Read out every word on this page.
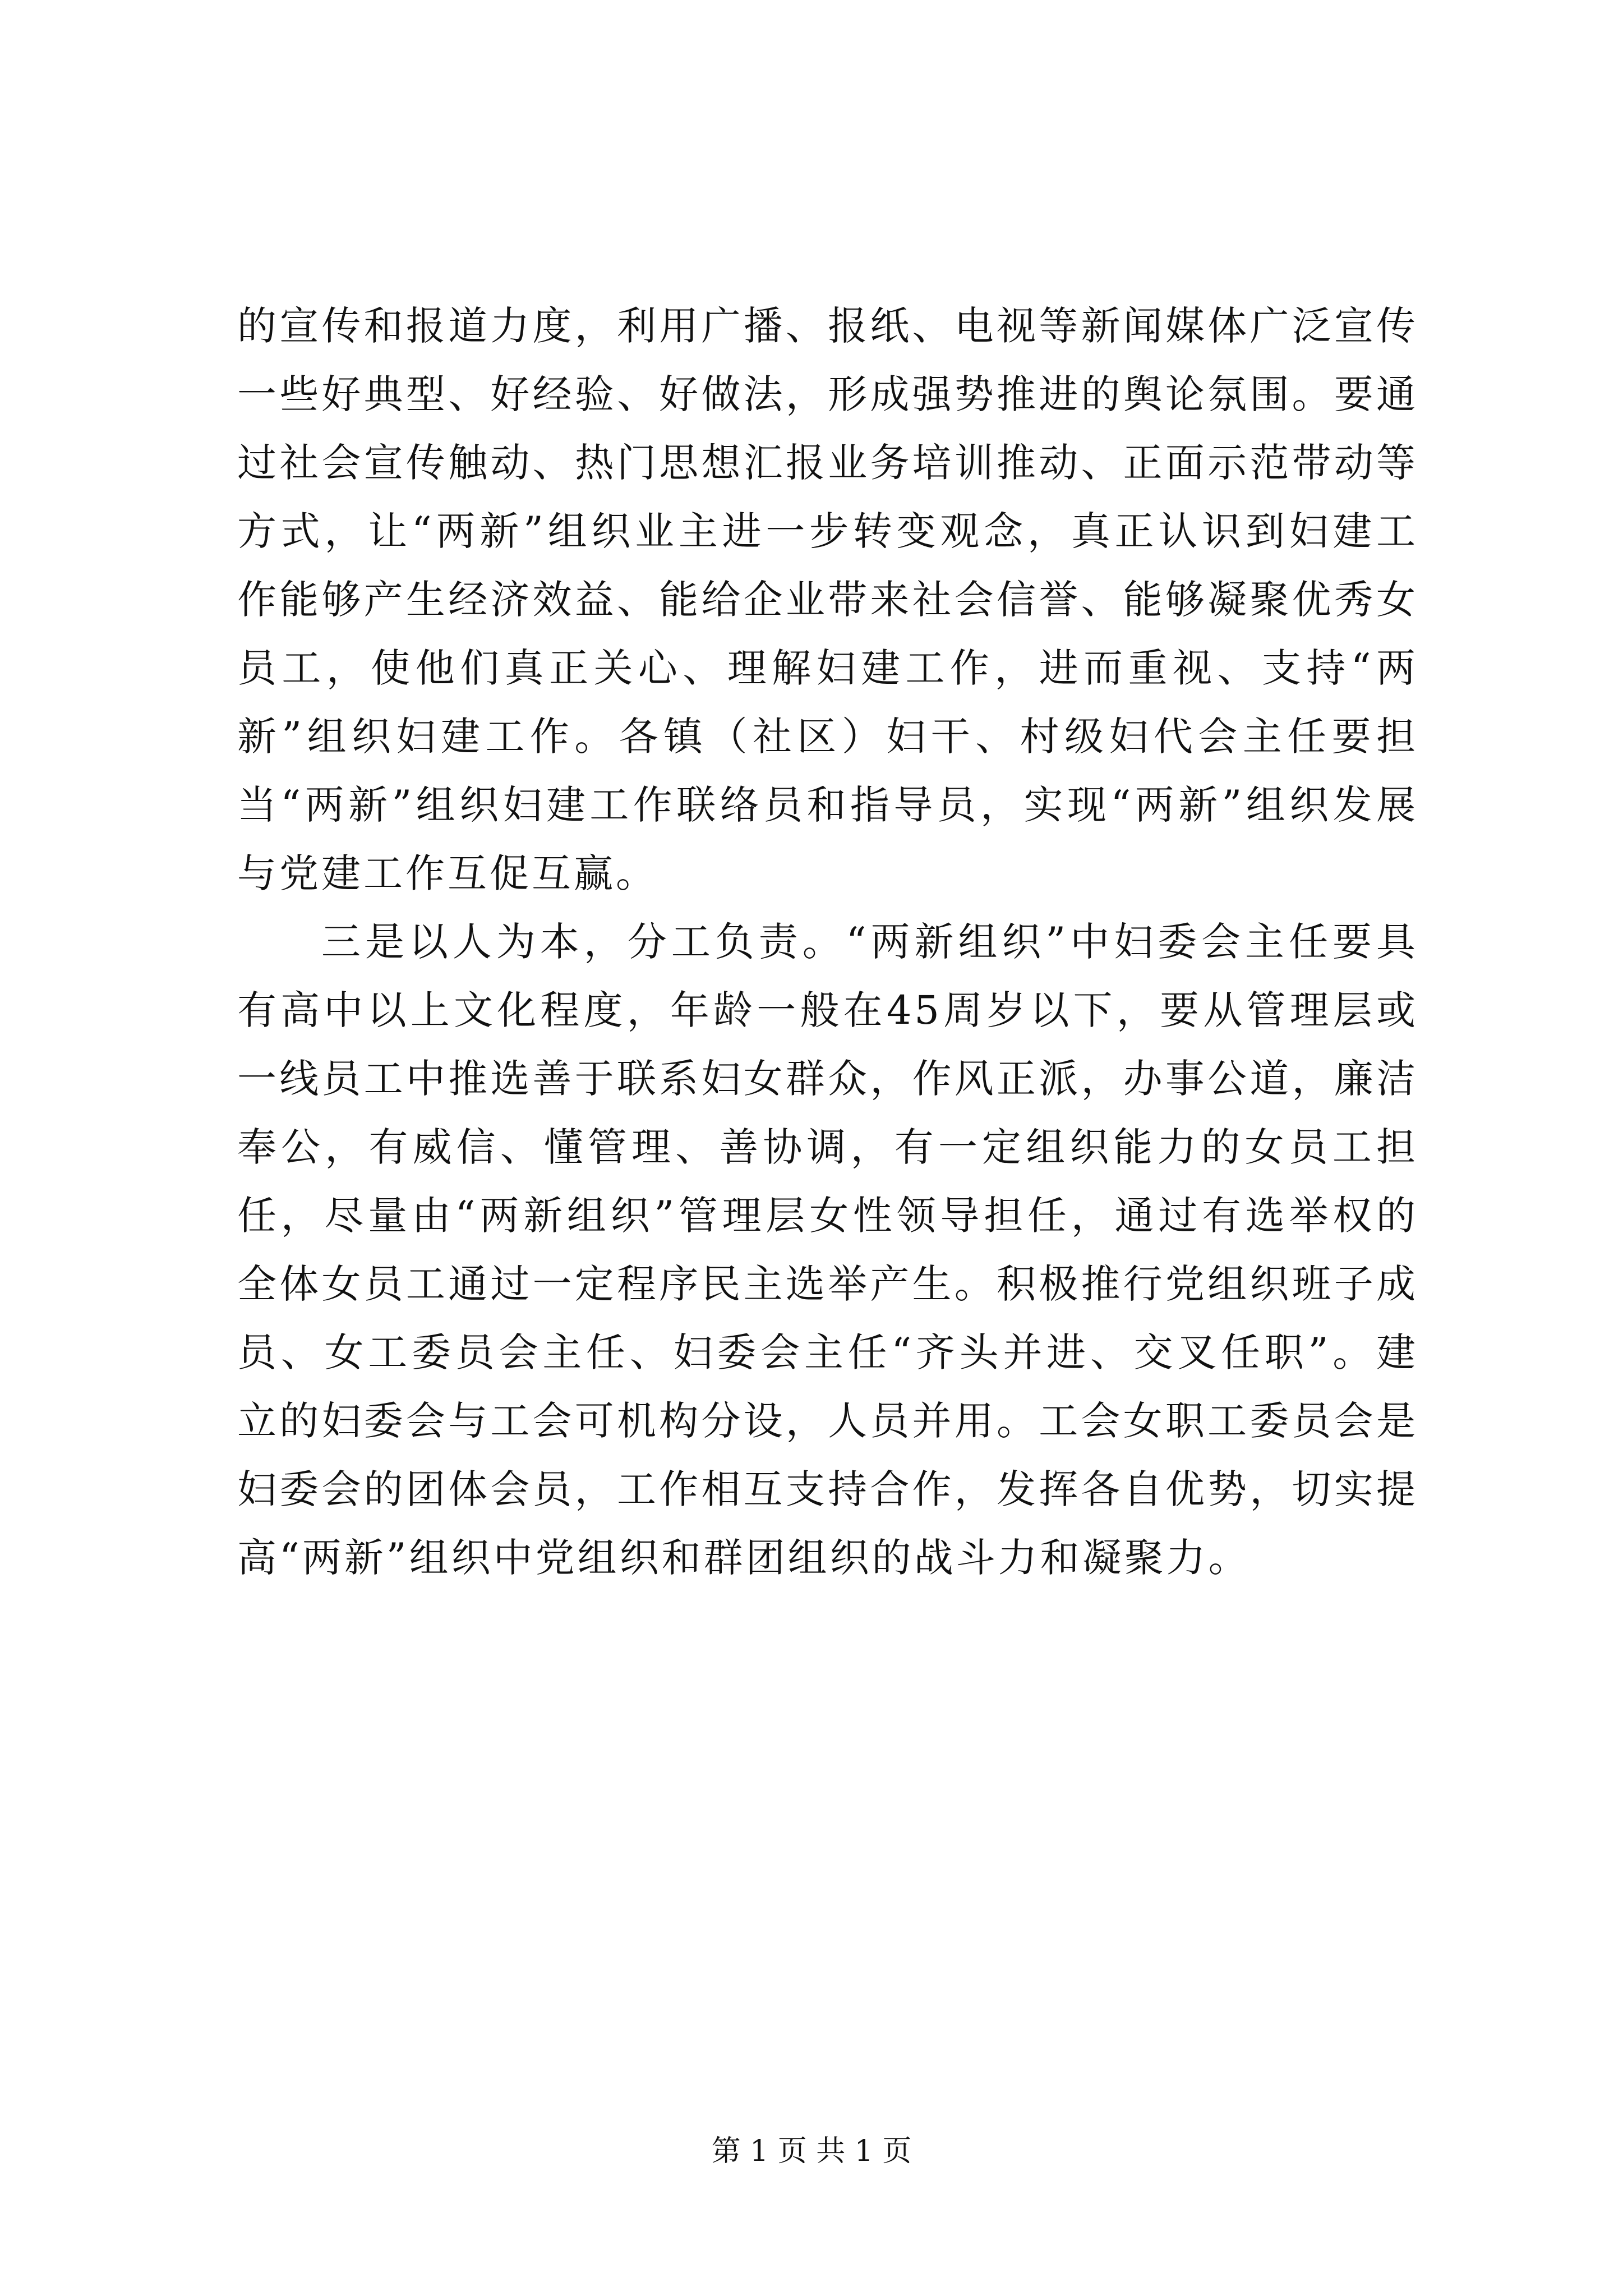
的宣传和报道力度，利用广播、报纸、电视等新闻媒体广泛宣传一些好典型、好经验、好做法，形成强势推进的舆论氛围。要通过社会宣传触动、热门思想汇报业务培训推动、正面示范带动等方式，让“两新”组织业主进一步转变观念，真正认识到妇建工作能够产生经济效益、能给企业带来社会信誉、能够凝聚优秀女员工，使他们真正关心、理解妇建工作，进而重视、支持“两新”组织妇建工作。各镇（社区）妇干、村级妇代会主任要担当“两新”组织妇建工作联络员和指导员，实现“两新”组织发展与党建工作互促互赢。

三是以人为本，分工负责。“两新组织”中妇委会主任要具有高中以上文化程度，年龄一般在45周岁以下，要从管理层或一线员工中推选善于联系妇女群众，作风正派，办事公道，廉洁奉公，有威信、懂管理、善协调，有一定组织能力的女员工担任，尽量由“两新组织”管理层女性领导担任，通过有选举权的全体女员工通过一定程序民主选举产生。积极推行党组织班子成员、女工委员会主任、妇委会主任“齐头并进、交叉任职”。建立的妇委会与工会可机构分设，人员并用。工会女职工委员会是妇委会的团体会员，工作相互支持合作，发挥各自优势，切实提高“两新”组织中党组织和群团组织的战斗力和凝聚力。

第 1 页 共 1 页
